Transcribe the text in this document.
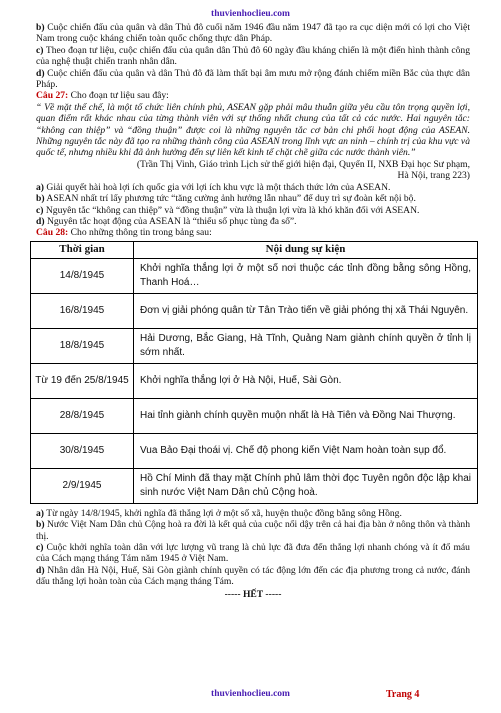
thuvienhoclieu.com

b) Cuộc chiến đấu của quân và dân Thủ đô cuối năm 1946 đầu năm 1947 đã tạo ra cục diện mới có lợi cho Việt Nam trong cuộc kháng chiến toàn quốc chống thực dân Pháp.

c) Theo đoạn tư liệu, cuộc chiến đấu của quân dân Thủ đô 60 ngày đầu kháng chiến là một điển hình thành công của nghệ thuật chiến tranh nhân dân.

d) Cuộc chiến đấu của quân và dân Thủ đô đã làm thất bại âm mưu mở rộng đánh chiếm miền Bắc của thực dân Pháp.

Câu 27: Cho đoạn tư liệu sau đây:

“ Về mặt thể chế, là một tổ chức liên chính phủ, ASEAN gặp phải mâu thuẫn giữa yêu cầu tôn trọng quyền lợi, quan điểm rất khác nhau của từng thành viên với sự thống nhất chung của tất cả các nước. Hai nguyên tắc: “không can thiệp” và “đồng thuận” được coi là những nguyên tắc cơ bản chi phối hoạt động của ASEAN. Những nguyên tắc này đã tạo ra những thành công của ASEAN trong lĩnh vực an ninh – chính trị của khu vực và quốc tế, nhưng nhiều khi đã ảnh hưởng đến sự liên kết kinh tế chặt chẽ giữa các nước thành viên.”

(Trần Thị Vinh, Giáo trình Lịch sử thế giới hiện đại, Quyển II, NXB Đại học Sư phạm,

Hà Nội, trang 223)

a) Giải quyết hài hoà lợi ích quốc gia với lợi ích khu vực là một thách thức lớn của ASEAN.

b) ASEAN nhất trí lấy phương tức “tăng cường ảnh hưởng lẫn nhau” để duy trì sự đoàn kết nội bộ.

c) Nguyên tắc “không can thiệp” và “đồng thuận” vừa là thuận lợi vừa là khó khăn đối với ASEAN.

d) Nguyên tắc hoạt động của ASEAN là “thiểu số phục tùng đa số”.

Câu 28: Cho những thông tin trong bảng sau:

Thời gian	Nội dung sự kiện
14/8/1945	Khởi nghĩa thắng lợi ở một số nơi thuộc các tỉnh đồng bằng sông Hồng, Thanh Hoá…
16/8/1945	Đơn vị giải phóng quân từ Tân Trào tiến về giải phóng thị xã Thái Nguyên.
18/8/1945	Hải Dương, Bắc Giang, Hà Tĩnh, Quảng Nam giành chính quyền ở tỉnh lị sớm nhất.
Từ 19 đến 25/8/1945	Khởi nghĩa thắng lợi ở Hà Nội, Huế, Sài Gòn.
28/8/1945	Hai tỉnh giành chính quyền muộn nhất là Hà Tiên và Đồng Nai Thượng.
30/8/1945	Vua Bảo Đại thoái vị. Chế độ phong kiến Việt Nam hoàn toàn sụp đổ.
2/9/1945	Hồ Chí Minh đã thay mặt Chính phủ lâm thời đọc Tuyên ngôn độc lập khai sinh nước Việt Nam Dân chủ Cộng hoà.

a) Từ ngày 14/8/1945, khởi nghĩa đã thắng lợi ở một số xã, huyện thuộc đồng bằng sông Hồng.

b) Nước Việt Nam Dân chủ Cộng hoà ra đời là kết quả của cuộc nổi dậy trên cả hai địa bàn ở nông thôn và thành thị.

c) Cuộc khởi nghĩa toàn dân với lực lượng vũ trang là chủ lực đã đưa đến thắng lợi nhanh chóng và ít đổ máu của Cách mạng tháng Tám năm 1945 ở Việt Nam.

d) Nhân dân Hà Nội, Huế, Sài Gòn giành chính quyền có tác động lớn đến các địa phương trong cả nước, đánh dấu thắng lợi hoàn toàn của Cách mạng tháng Tám.

----- HẾT -----

thuvienhoclieu.com	Trang 4
